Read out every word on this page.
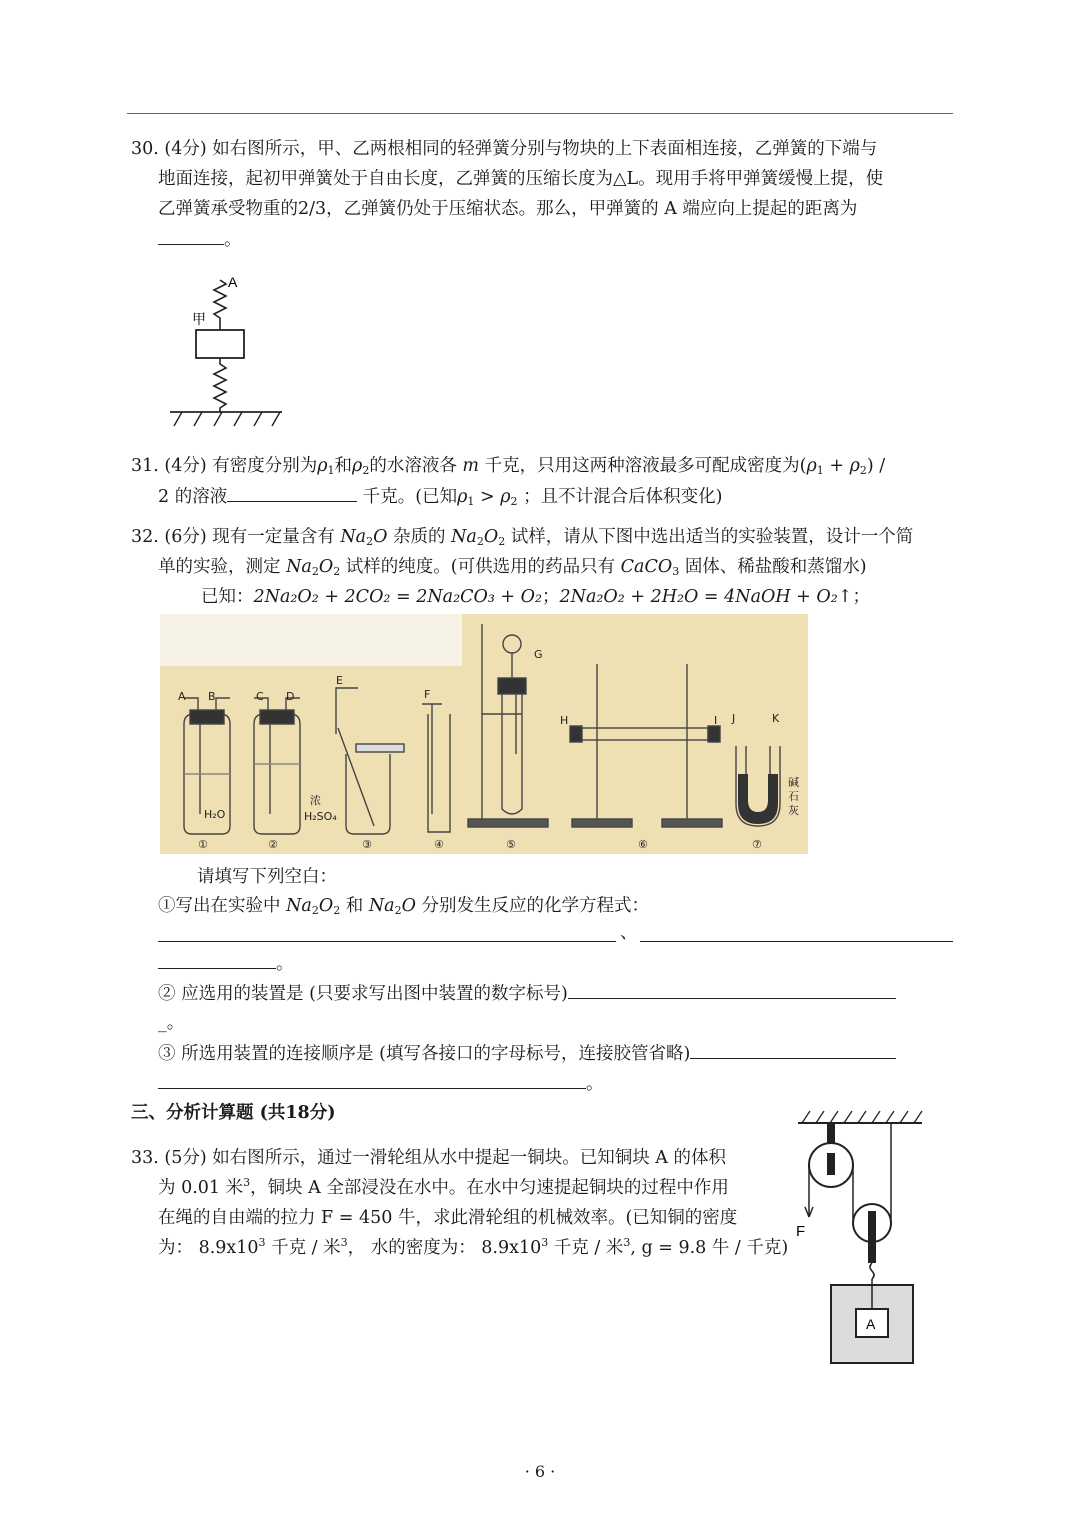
30. (4分) 如右图所示，甲、乙两根相同的轻弹簧分别与物块的上下表面相连接，乙弹簧的下端与
地面连接，起初甲弹簧处于自由长度，乙弹簧的压缩长度为△L。现用手将甲弹簧缓慢上提，使
乙弹簧承受物重的2/3，乙弹簧仍处于压缩状态。那么，甲弹簧的 A 端应向上提起的距离为
。
A
甲
31. (4分) 有密度分别为$\rho_1$和$\rho_2$的水溶液各 m 千克，只用这两种溶液最多可配成密度为$(\rho_1 + \rho_2)$ /
2 的溶液	千克。(已知$\rho_1 > \rho_2$ ；且不计混合后体积变化)
32. (6分) 现有一定量含有 $Na_2O$ 杂质的 $Na_2O_2$ 试样，请从下图中选出适当的实验装置，设计一个简
单的实验，测定 $Na_2O_2$ 试样的纯度。(可供选用的药品只有 CaCO$_3$ 固体、稀盐酸和蒸馏水)
已知：2Na₂O₂ + 2CO₂ = 2Na₂CO₃ + O₂；2Na₂O₂ + 2H₂O = 4NaOH + O₂↑；
A B	C D
E
F
H₂O
浓
H₂SO₄
①	②	③	④
G
H	I J	K
碱
石
灰
⑤	⑥	⑦
请填写下列空白：
①写出在实验中 $Na_2O_2$ 和 $Na_2O$ 分别发生反应的化学方程式：
、
。
② 应选用的装置是 (只要求写出图中装置的数字标号)
_。
③ 所选用装置的连接顺序是 (填写各接口的字母标号，连接胶管省略)
。
三、分析计算题 (共18分)
33. (5分) 如右图所示，通过一滑轮组从水中提起一铜块。已知铜块 A 的体积
为 0.01 米$^3$，铜块 A 全部浸没在水中。在水中匀速提起铜块的过程中作用
在绳的自由端的拉力 F = 450 牛，求此滑轮组的机械效率。(已知铜的密度
为： $8.9x10^3$ 千克 / 米$^3$， 水的密度为： $8.9x10^3$ 千克 / 米$^3$, g = 9.8 牛 / 千克)
F
A
· 6 ·
